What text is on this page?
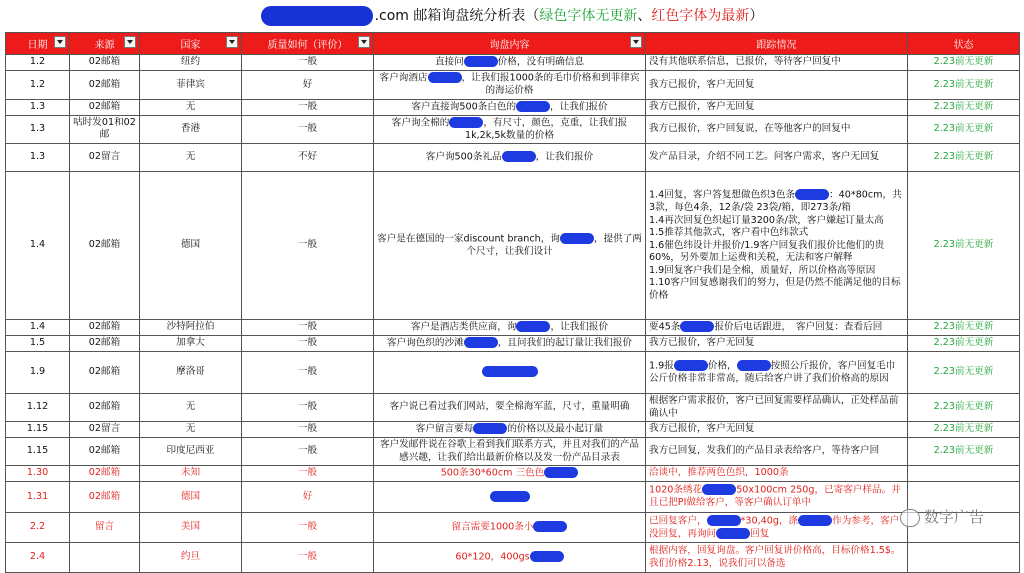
.com 邮箱询盘统分析表（绿色字体无更新、红色字体为最新）
日期	来源	国家	质量如何（评价）	询盘内容	跟踪情况	状态
1.2	02邮箱	纽约	一般	直接问 价格，没有明确信息	没有其他联系信息，已报价，等待客户回复中	2.23前无更新
1.2	02邮箱	菲律宾	好	客户询酒店 ，让我们报1000条的毛巾价格和到菲律宾的海运价格	我方已报价，客户无回复	2.23前无更新
1.3	02邮箱	无	一般	客户直接询500条白色的 ，让我们报价	我方已报价，客户无回复	2.23前无更新
1.3	咕时发01和02邮	香港	一般	客户询全棉的 ，有尺寸，颜色，克重，让我们报1k,2k,5k数量的价格	我方已报价，客户回复说，在等他客户的回复中	2.23前无更新
1.3	02留言	无	不好	客户询500条礼品 ，让我们报价	发产品目录，介绍不同工艺。问客户需求，客户无回复	2.23前无更新
1.4	02邮箱	德国	一般	客户是在德国的一家discount branch，询 ，提供了两个尺寸，让我们设计	1.4回复，客户答复想做色织3色条 ：40*80cm，共3款，每色4条，12条/袋 23袋/箱，即273条/箱
1.4再次回复色织起订量3200条/款，客户嫌起订量太高　　　　　1.5推荐其他款式，客户看中色纬款式
1.6催色纬设计并报价/1.9客户回复我们报价比他们的贵60%，另外要加上运费和关税，无法和客户解释
1.9回复客户我们是全棉，质量好，所以价格高等原因
1.10客户回复感谢我们的努力，但是仍然不能满足他的目标价格	2.23前无更新
1.4	02邮箱	沙特阿拉伯	一般	客户是酒店类供应商，询 ，让我们报价	要45条 报价后电话跟进，　客户回复：查看后回	2.23前无更新
1.5	02邮箱	加拿大	一般	客户询色织的沙滩 ，且问我们的起订量让我们报价	我方已报价，客户无回复	2.23前无更新
1.9	02邮箱	摩洛哥	一般		1.9报 价格， 按照公斤报价，客户回复毛巾公斤价格非常非常高，随后给客户讲了我们价格高的原因	2.23前无更新
1.12	02邮箱	无	一般	客户说已看过我们网站，要全棉海军蓝，尺寸，重量明确	根据客户需求报价，客户已回复需要样品确认，正处样品前确认中	2.23前无更新
1.15	02留言	无	一般	客户留言要每 的价格以及最小起订量	我方已报价，客户无回复	2.23前无更新
1.15	02邮箱	印度尼西亚	一般	客户发邮件说在谷歌上看到我们联系方式，并且对我们的产品感兴趣，让我们给出最新价格以及发一份产品目录表	我方已回复，发我们的产品目录表给客户，等待客户回	2.23前无更新
1.30	02邮箱	未知	一般	500条30*60cm 三色色	洽谈中，推荐两色色织，1000条	
1.31	02邮箱	德国	好		1020条绣花 50x100cm 250g，已寄客户样品。并且已把PI做给客户，等客户确认订单中	
2.2	留言	美国	一般	留言需要1000条小	已回复客户， *30,40g，涤 作为参考，客户没回复，再询问 回复	
2.4		约旦	一般	60*120，400gs	根据内容，回复询盘。客户回复讲价格高，目标价格1.5$。我们价格2.13，说我们可以备选	
数字广告
